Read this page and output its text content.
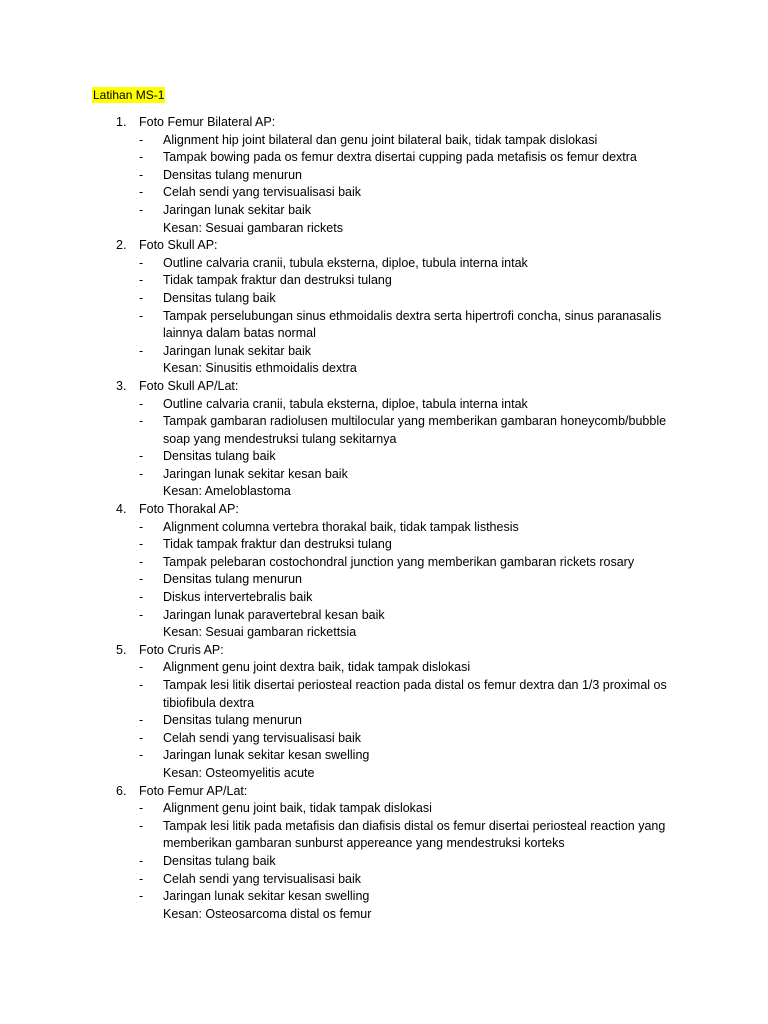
Latihan MS-1
1. Foto Femur Bilateral AP:
- Alignment hip joint bilateral dan genu joint bilateral baik, tidak tampak dislokasi
- Tampak bowing pada os femur dextra disertai cupping pada metafisis os femur dextra
- Densitas tulang menurun
- Celah sendi yang tervisualisasi baik
- Jaringan lunak sekitar baik
Kesan: Sesuai gambaran rickets
2. Foto Skull AP:
- Outline calvaria cranii, tubula eksterna, diploe, tubula interna intak
- Tidak tampak fraktur dan destruksi tulang
- Densitas tulang baik
- Tampak perselubungan sinus ethmoidalis dextra serta hipertrofi concha, sinus paranasalis lainnya dalam batas normal
- Jaringan lunak sekitar baik
Kesan: Sinusitis ethmoidalis dextra
3. Foto Skull AP/Lat:
- Outline calvaria cranii, tabula eksterna, diploe, tabula interna intak
- Tampak gambaran radiolusen multilocular yang memberikan gambaran honeycomb/bubble soap yang mendestruksi tulang sekitarnya
- Densitas tulang baik
- Jaringan lunak sekitar kesan baik
Kesan: Ameloblastoma
4. Foto Thorakal AP:
- Alignment columna vertebra thorakal baik, tidak tampak listhesis
- Tidak tampak fraktur dan destruksi tulang
- Tampak pelebaran costochondral junction yang memberikan gambaran rickets rosary
- Densitas tulang menurun
- Diskus intervertebralis baik
- Jaringan lunak paravertebral kesan baik
Kesan: Sesuai gambaran rickettsia
5. Foto Cruris AP:
- Alignment genu joint dextra baik, tidak tampak dislokasi
- Tampak lesi litik disertai periosteal reaction pada distal os femur dextra dan 1/3 proximal os tibiofibula dextra
- Densitas tulang menurun
- Celah sendi yang tervisualisasi baik
- Jaringan lunak sekitar kesan swelling
Kesan: Osteomyelitis acute
6. Foto Femur AP/Lat:
- Alignment genu joint baik, tidak tampak dislokasi
- Tampak lesi litik pada metafisis dan diafisis distal os femur disertai periosteal reaction yang memberikan gambaran sunburst appereance yang mendestruksi korteks
- Densitas tulang baik
- Celah sendi yang tervisualisasi baik
- Jaringan lunak sekitar kesan swelling
Kesan: Osteosarcoma distal os femur
